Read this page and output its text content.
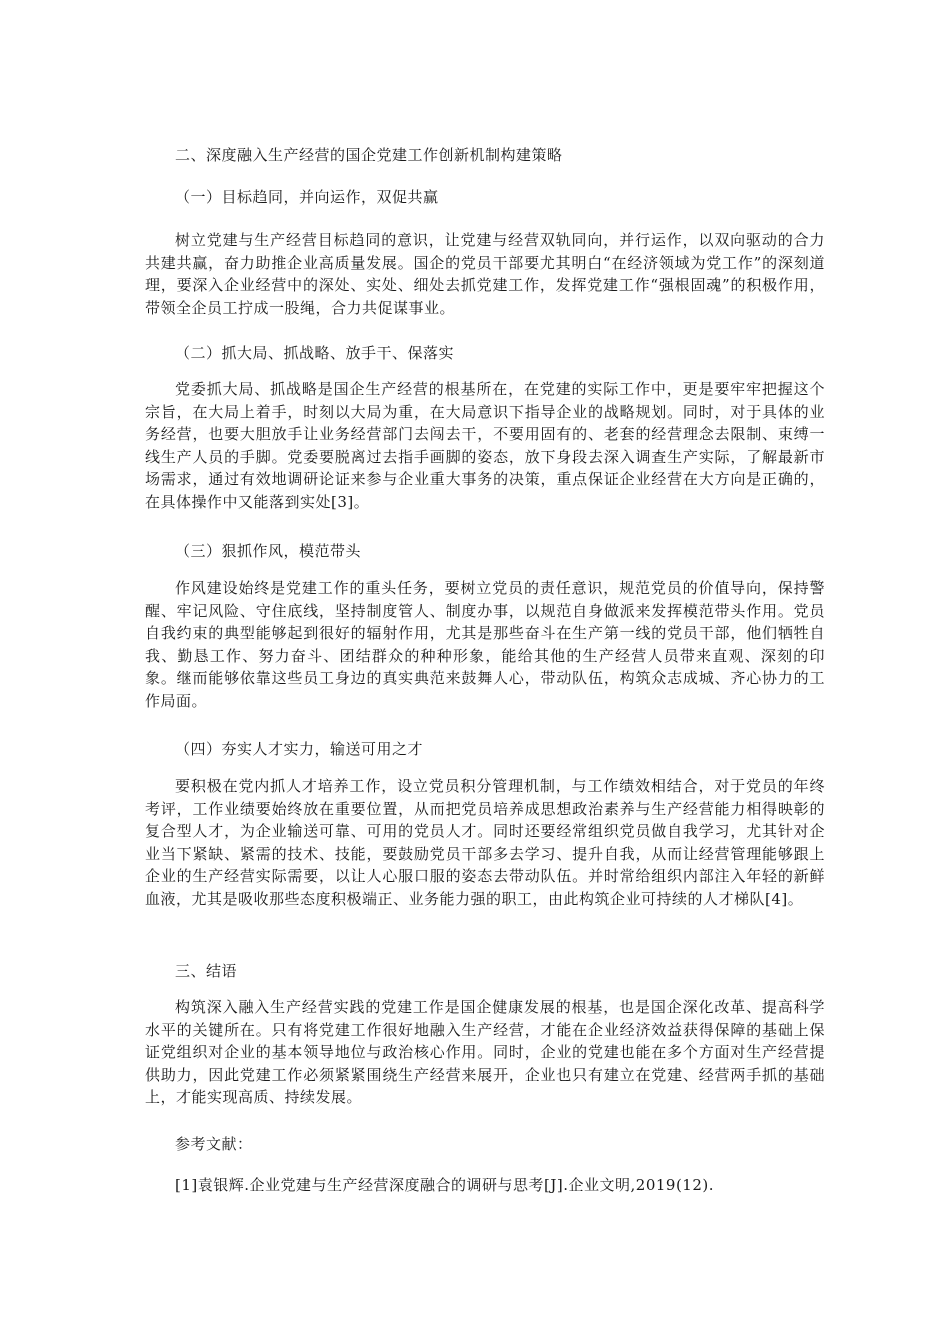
二、深度融入生产经营的国企党建工作创新机制构建策略

（一）目标趋同，并向运作，双促共赢

树立党建与生产经营目标趋同的意识，让党建与经营双轨同向，并行运作，以双向驱动的合力共建共赢，奋力助推企业高质量发展。国企的党员干部要尤其明白“在经济领域为党工作”的深刻道理，要深入企业经营中的深处、实处、细处去抓党建工作，发挥党建工作“强根固魂”的积极作用，带领全企员工拧成一股绳，合力共促谋事业。

（二）抓大局、抓战略、放手干、保落实

党委抓大局、抓战略是国企生产经营的根基所在，在党建的实际工作中，更是要牢牢把握这个宗旨，在大局上着手，时刻以大局为重，在大局意识下指导企业的战略规划。同时，对于具体的业务经营，也要大胆放手让业务经营部门去闯去干，不要用固有的、老套的经营理念去限制、束缚一线生产人员的手脚。党委要脱离过去指手画脚的姿态，放下身段去深入调查生产实际，了解最新市场需求，通过有效地调研论证来参与企业重大事务的决策，重点保证企业经营在大方向是正确的，在具体操作中又能落到实处[3]。

（三）狠抓作风，模范带头

作风建设始终是党建工作的重头任务，要树立党员的责任意识，规范党员的价值导向，保持警醒、牢记风险、守住底线，坚持制度管人、制度办事，以规范自身做派来发挥模范带头作用。党员自我约束的典型能够起到很好的辐射作用，尤其是那些奋斗在生产第一线的党员干部，他们牺牲自我、勤恳工作、努力奋斗、团结群众的种种形象，能给其他的生产经营人员带来直观、深刻的印象。继而能够依靠这些员工身边的真实典范来鼓舞人心，带动队伍，构筑众志成城、齐心协力的工作局面。

（四）夯实人才实力，输送可用之才

要积极在党内抓人才培养工作，设立党员积分管理机制，与工作绩效相结合，对于党员的年终考评，工作业绩要始终放在重要位置，从而把党员培养成思想政治素养与生产经营能力相得映彰的复合型人才，为企业输送可靠、可用的党员人才。同时还要经常组织党员做自我学习，尤其针对企业当下紧缺、紧需的技术、技能，要鼓励党员干部多去学习、提升自我，从而让经营管理能够跟上企业的生产经营实际需要，以让人心服口服的姿态去带动队伍。并时常给组织内部注入年轻的新鲜血液，尤其是吸收那些态度积极端正、业务能力强的职工，由此构筑企业可持续的人才梯队[4]。

三、结语

构筑深入融入生产经营实践的党建工作是国企健康发展的根基，也是国企深化改革、提高科学水平的关键所在。只有将党建工作很好地融入生产经营，才能在企业经济效益获得保障的基础上保证党组织对企业的基本领导地位与政治核心作用。同时，企业的党建也能在多个方面对生产经营提供助力，因此党建工作必须紧紧围绕生产经营来展开，企业也只有建立在党建、经营两手抓的基础上，才能实现高质、持续发展。

参考文献：

[1]袁银辉.企业党建与生产经营深度融合的调研与思考[J].企业文明,2019(12).
